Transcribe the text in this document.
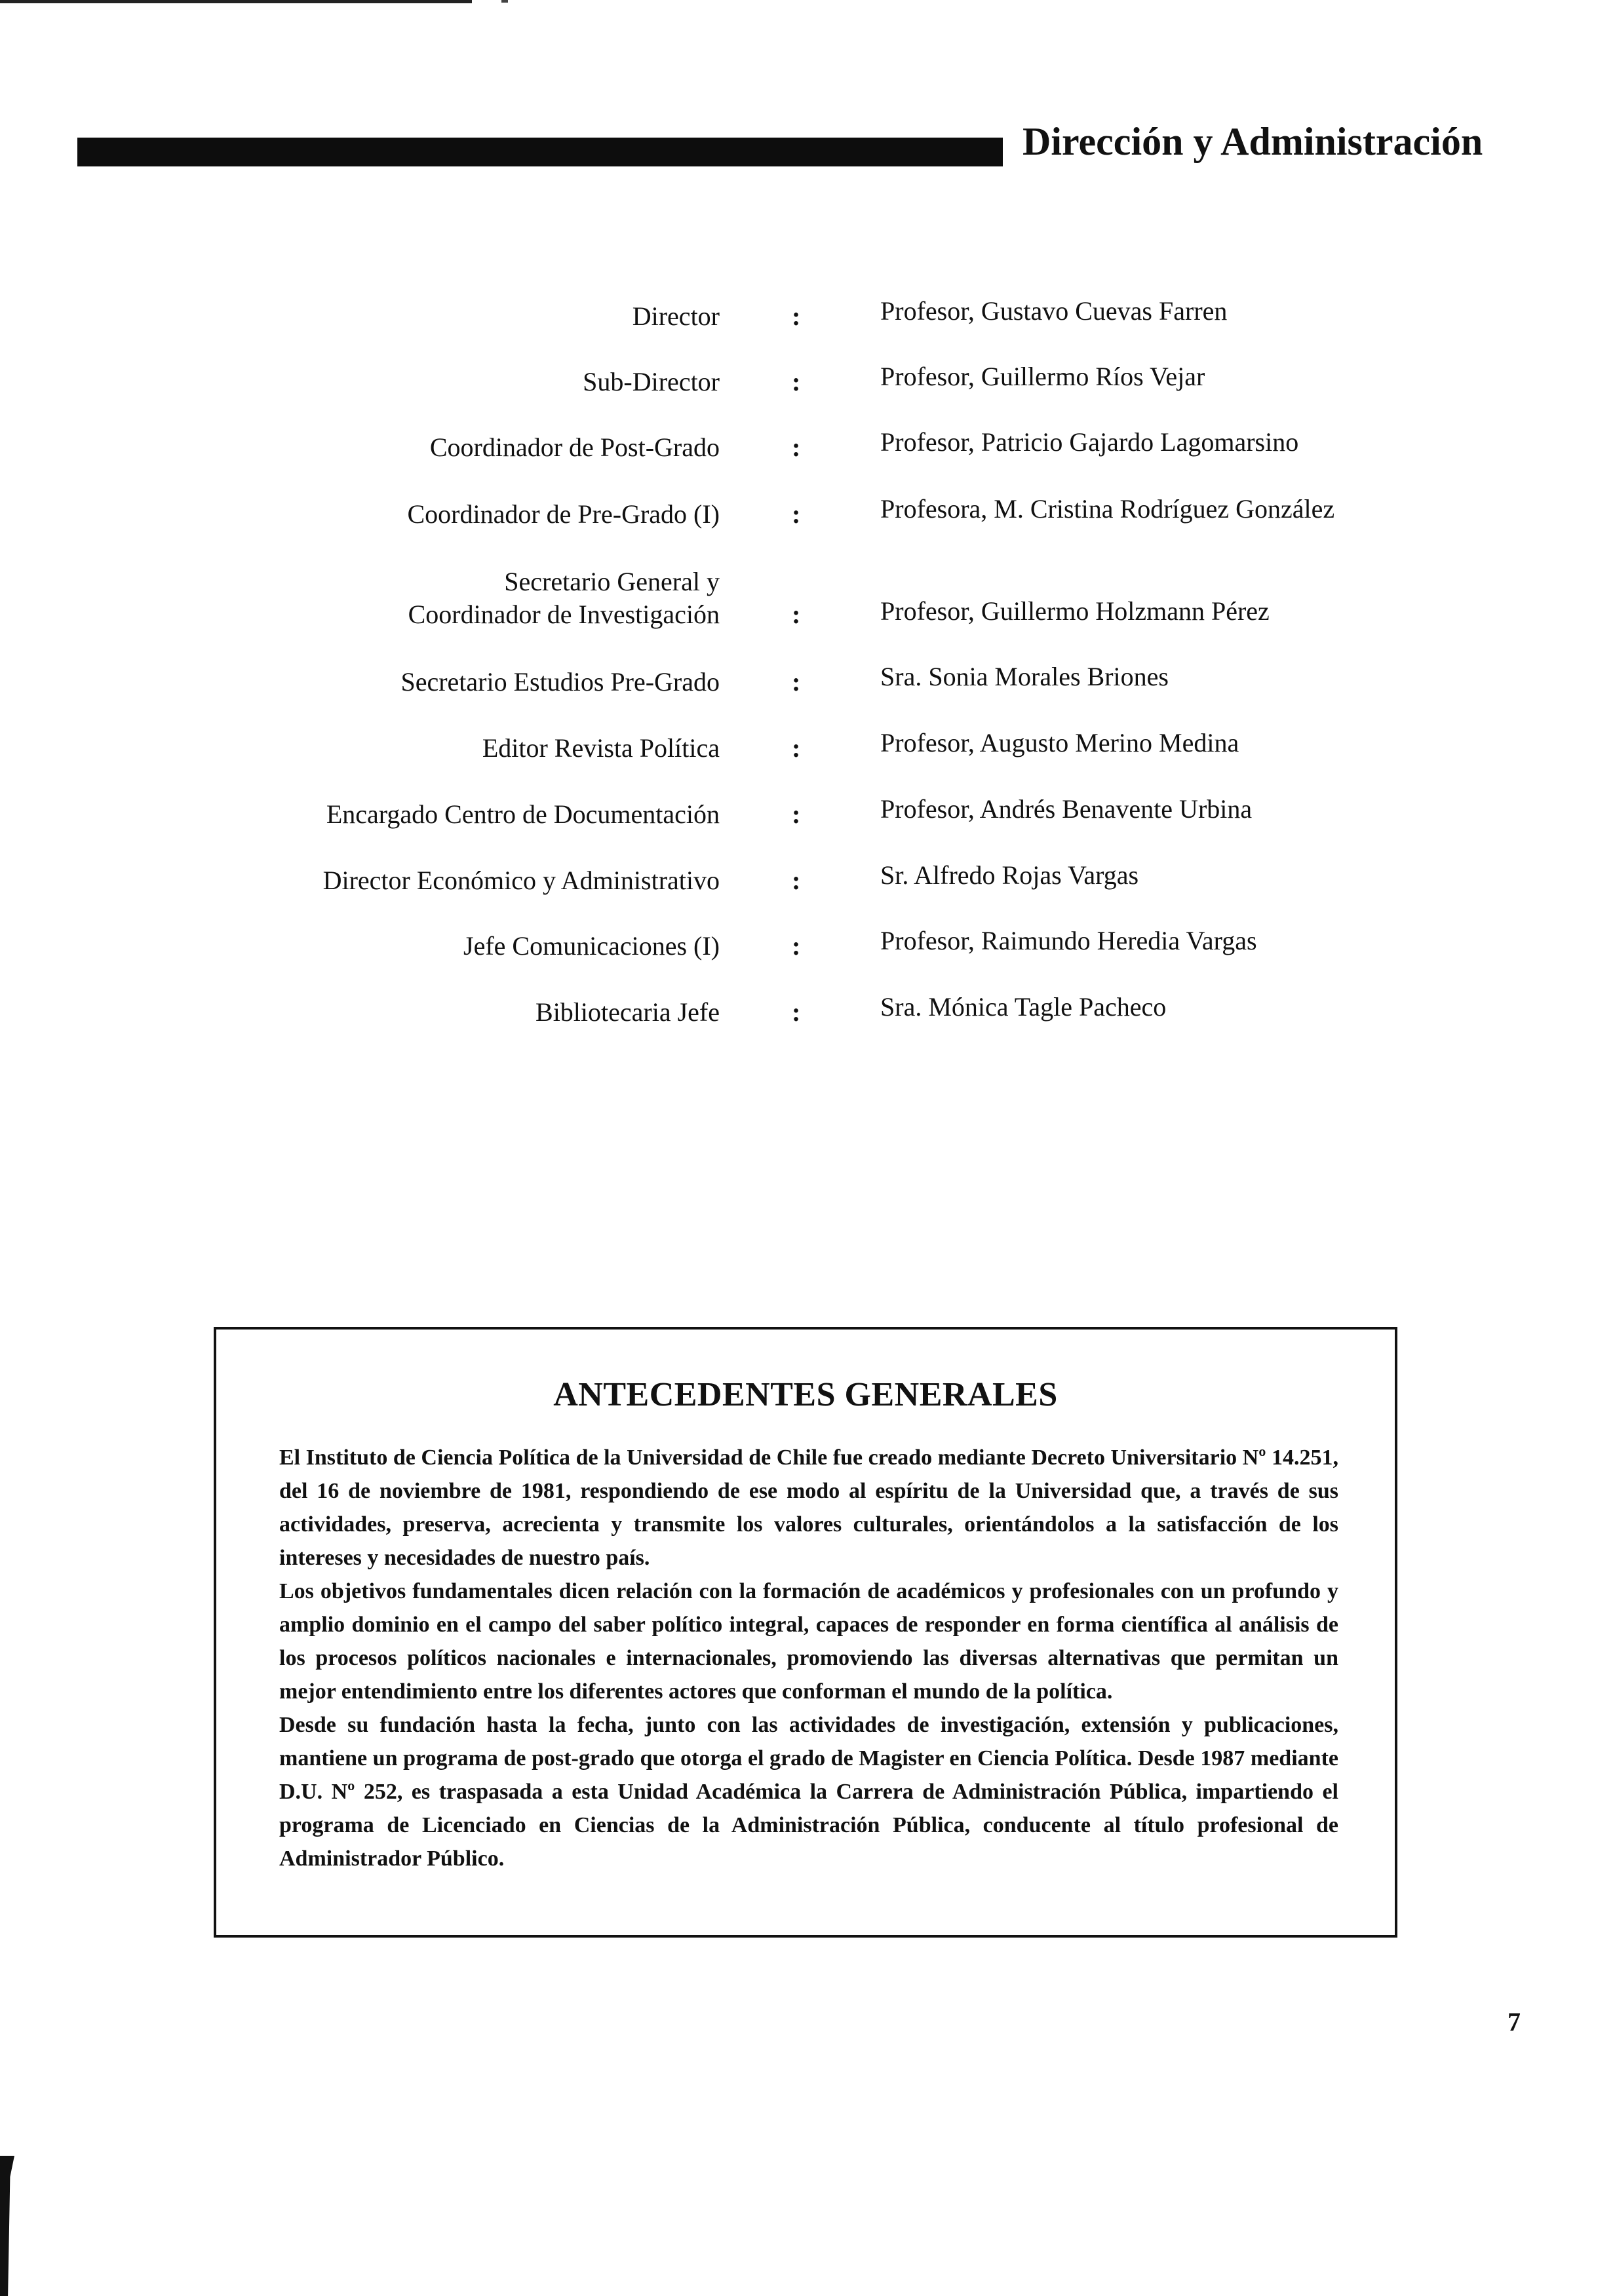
Dirección y Administración
Director	:	Profesor, Gustavo Cuevas Farren
Sub-Director	:	Profesor, Guillermo Ríos Vejar
Coordinador de Post-Grado	:	Profesor, Patricio Gajardo Lagomarsino
Coordinador de Pre-Grado (I)	:	Profesora, M. Cristina Rodríguez González
Secretario General y
Coordinador de Investigación	:	Profesor, Guillermo Holzmann Pérez
Secretario Estudios Pre-Grado	:	Sra. Sonia Morales Briones
Editor Revista Política	:	Profesor, Augusto Merino Medina
Encargado Centro de Documentación	:	Profesor, Andrés Benavente Urbina
Director Económico y Administrativo	:	Sr. Alfredo Rojas Vargas
Jefe Comunicaciones (I)	:	Profesor, Raimundo Heredia Vargas
Bibliotecaria Jefe	:	Sra. Mónica Tagle Pacheco
ANTECEDENTES GENERALES

El Instituto de Ciencia Política de la Universidad de Chile fue creado mediante Decreto Universitario Nº 14.251, del 16 de noviembre de 1981, respondiendo de ese modo al espíritu de la Universidad que, a través de sus actividades, preserva, acrecienta y transmite los valores culturales, orientándolos a la satisfacción de los intereses y necesidades de nuestro país.

Los objetivos fundamentales dicen relación con la formación de académicos y profesionales con un profundo y amplio dominio en el campo del saber político integral, capaces de responder en forma científica al análisis de los procesos políticos nacionales e internacionales, promoviendo las diversas alternativas que permitan un mejor entendimiento entre los diferentes actores que conforman el mundo de la política.

Desde su fundación hasta la fecha, junto con las actividades de investigación, extensión y publicaciones, mantiene un programa de post-grado que otorga el grado de Magister en Ciencia Política. Desde 1987 mediante D.U. Nº 252, es traspasada a esta Unidad Académica la Carrera de Administración Pública, impartiendo el programa de Licenciado en Ciencias de la Administración Pública, conducente al título profesional de Administrador Público.

7
